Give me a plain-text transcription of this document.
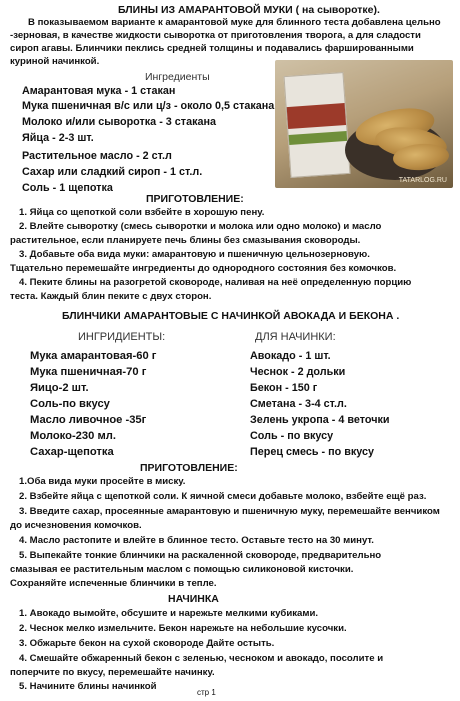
БЛИНЫ ИЗ АМАРАНТОВОЙ МУКИ ( на сыворотке).
В показываемом варианте к амарантовой муке для блинного теста добавлена цельно
-зерновая, в качестве жидкости сыворотка от приготовления творога, а для сладости
сироп агавы. Блинчики пеклись средней толщины и подавались фаршированными
куриной начинкой.
TATARLOG.RU
Ингредиенты
Амарантовая мука - 1 стакан
Мука пшеничная в/с или ц/з - около 0,5 стакана
Молоко и/или сыворотка - 3 стакана
Яйца - 2-3 шт.
Растительное масло - 2 ст.л
Сахар или сладкий сироп - 1 ст.л.
Соль - 1 щепотка
ПРИГОТОВЛЕНИЕ:
1. Яйца со щепоткой соли взбейте в хорошую пену.
2. Влейте сыворотку (смесь сыворотки и молока или одно молоко) и масло
растительное, если планируете печь блины без смазывания сковороды.
3. Добавьте оба вида муки: амарантовую и пшеничную цельнозерновую.
Тщательно перемешайте ингредиенты до однородного состояния без комочков.
4. Пеките блины на разогретой сковороде, наливая на неё определенную порцию
теста. Каждый блин пеките с двух сторон.
БЛИНЧИКИ АМАРАНТОВЫЕ С НАЧИНКОЙ АВОКАДА И БЕКОНА .
ИНГРИДИЕНТЫ:	ДЛЯ НАЧИНКИ:
Мука амарантовая-60 г
Мука пшеничная-70 г
Яицо-2 шт.
Соль-по вкусу
Масло ливочное -35г
Молоко-230 мл.
Сахар-щепотка
Авокадо - 1 шт.
Чеснок - 2 дольки
Бекон - 150 г
Сметана - 3-4 ст.л.
Зелень укропа - 4 веточки
Соль - по вкусу
Перец смесь - по вкусу
ПРИГОТОВЛЕНИЕ:
1.Оба вида муки просейте в миску.
2. Взбейте яйца с щепоткой соли. К яичной смеси добавьте молоко, взбейте ещё раз.
3. Введите сахар, просеянные амарантовую и пшеничную муку, перемешайте венчиком
до исчезновения комочков.
4. Масло растопите и влейте в блинное тесто. Оставьте тесто на 30 минут.
5. Выпекайте тонкие блинчики на раскаленной сковороде, предварительно
смазывая ее растительным маслом с помощью силиконовой кисточки.
Сохраняйте испеченные блинчики в тепле.
НАЧИНКА
1. Авокадо вымойте, обсушите и нарежьте мелкими кубиками.
2. Чеснок мелко измельчите. Бекон нарежьте на небольшие кусочки.
3. Обжарьте бекон на сухой сковороде Дайте остыть.
4. Смешайте обжаренный бекон с зеленью, чесноком и авокадо, посолите и
поперчите по вкусу, перемешайте начинку.
5. Начините блины начинкой
стр 1
